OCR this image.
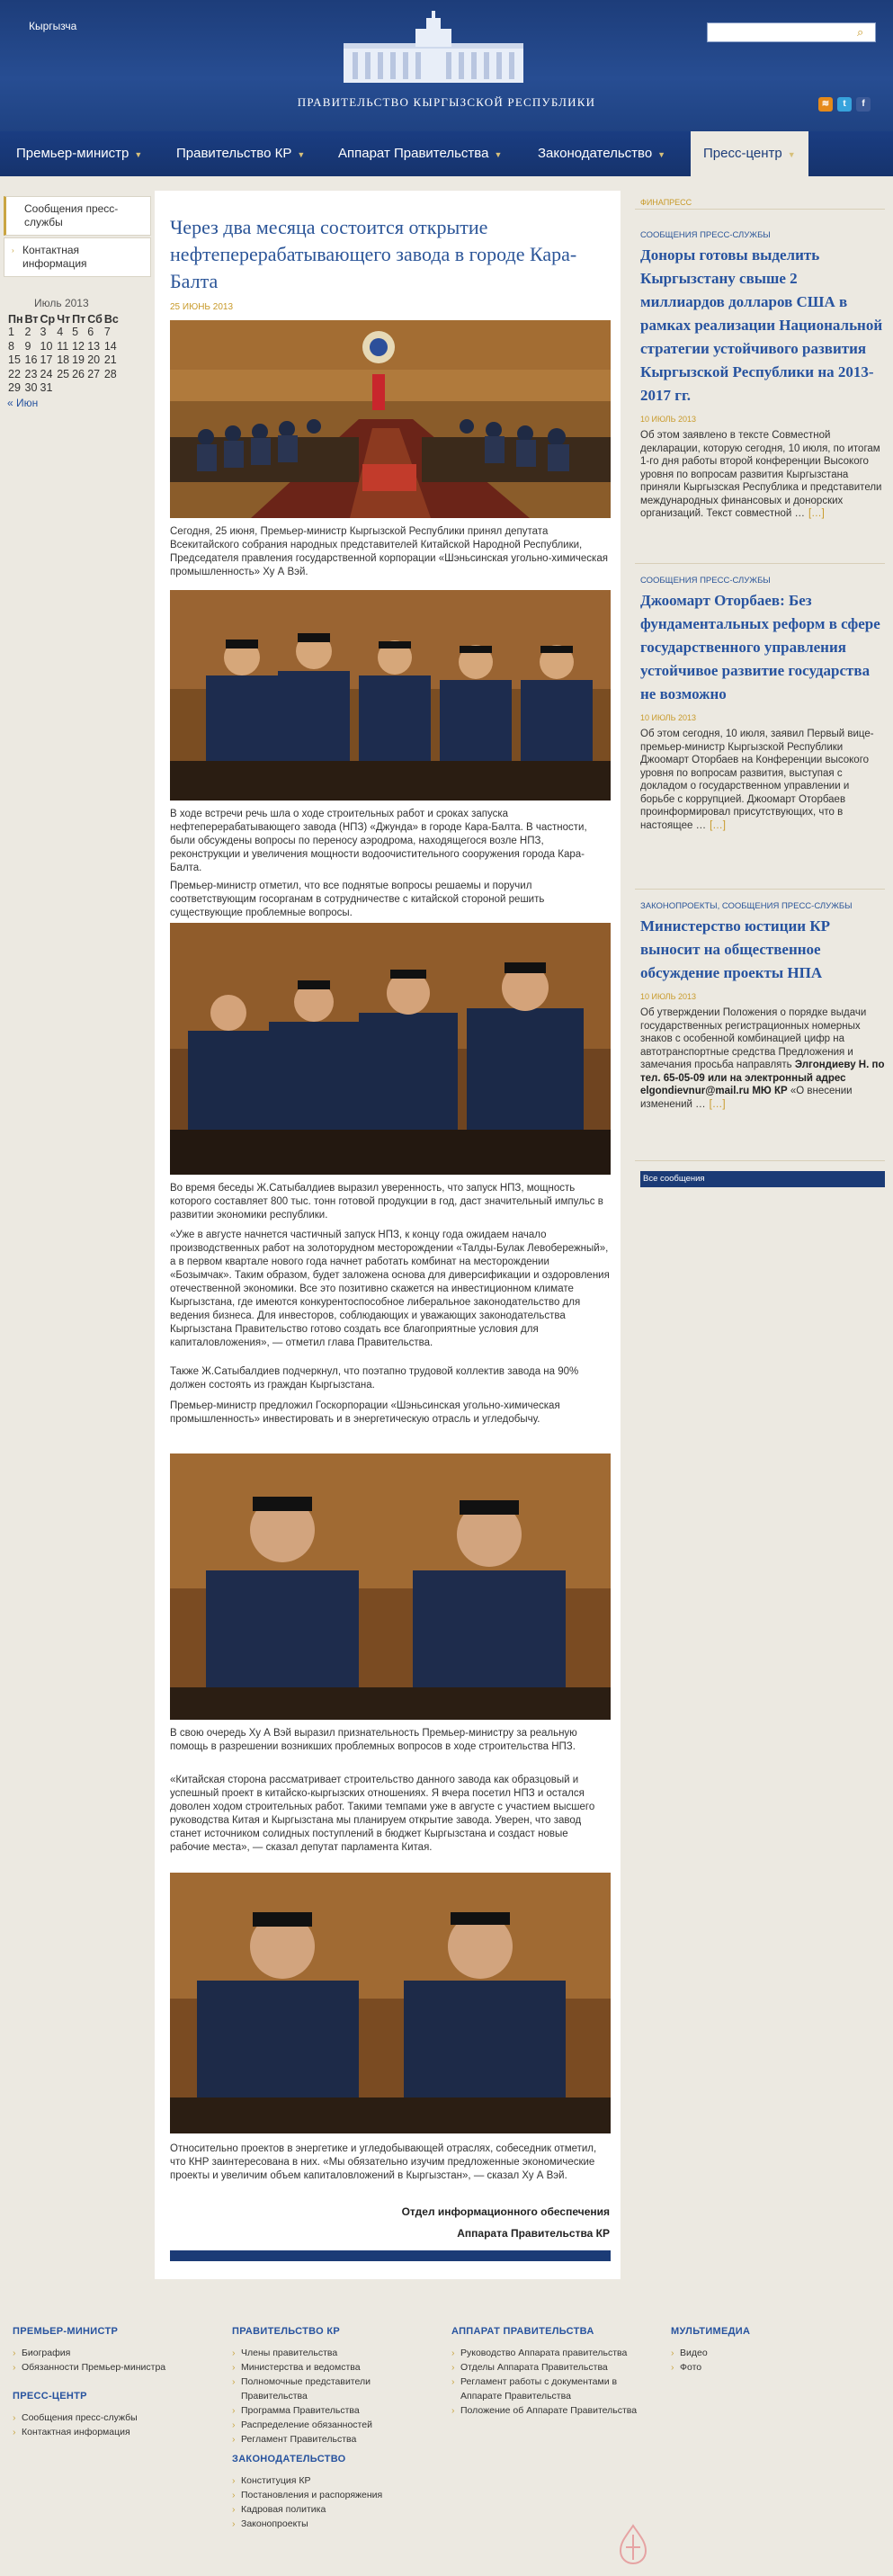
Кыргызча
ПРАВИТЕЛЬСТВО КЫРГЫЗСКОЙ РЕСПУБЛИКИ
⌕
≋	t	f
Премьер-министр ▼	Правительство КР ▼ Аппарат Правительства ▼	Законодательство ▼	Пресс-центр ▼
Сообщения пресс-службы
› Контактная информация
Июль 2013
Пн	Вт	Ср	Чт	Пт	Сб	Вс
1	2	3	4	5	6	7
8	9	10	11	12	13	14
15	16	17	18	19	20	21
22	23	24	25	26	27	28
29	30	31				
« Июн
Через два месяца состоится открытие нефтеперерабатывающего завода в городе Кара-Балта
25 ИЮНЬ 2013
Сегодня, 25 июня, Премьер-министр Кыргызской Республики принял депутата Всекитайского собрания народных представителей Китайской Народной Республики, Председателя правления государственной корпорации «Шэньсинская угольно-химическая промышленность» Ху А Вэй.
В ходе встречи речь шла о ходе строительных работ и сроках запуска нефтеперерабатывающего завода (НПЗ) «Джунда» в городе Кара-Балта. В частности, были обсуждены вопросы по переносу аэродрома, находящегося возле НПЗ, реконструкции и увеличения мощности водоочистительного сооружения города Кара-Балта.
Премьер-министр отметил, что все поднятые вопросы решаемы и поручил соответствующим госорганам в сотрудничестве с китайской стороной решить существующие проблемные вопросы.
Во время беседы Ж.Сатыбалдиев выразил уверенность, что запуск НПЗ, мощность которого составляет 800 тыс. тонн готовой продукции в год, даст значительный импульс в развитии экономики республики.
«Уже в августе начнется частичный запуск НПЗ, к концу года ожидаем начало производственных работ на золоторудном месторождении «Талды-Булак Левобережный», а в первом квартале нового года начнет работать комбинат на месторождении «Бозымчак». Таким образом, будет заложена основа для диверсификации и оздоровления отечественной экономики. Все это позитивно скажется на инвестиционном климате Кыргызстана, где имеются конкурентоспособное либеральное законодательство для ведения бизнеса. Для инвесторов, соблюдающих и уважающих законодательства Кыргызстана Правительство готово создать все благоприятные условия для капиталовложения», — отметил глава Правительства.
Также Ж.Сатыбалдиев подчеркнул, что поэтапно трудовой коллектив завода на 90% должен состоять из граждан Кыргызстана.
Премьер-министр предложил Госкорпорации «Шэньсинская угольно-химическая промышленность» инвестировать и в энергетическую отрасль и угледобычу.
В свою очередь Ху А Вэй выразил признательность Премьер-министру за реальную помощь в разрешении возникших проблемных вопросов в ходе строительства НПЗ.
«Китайская сторона рассматривает строительство данного завода как образцовый и успешный проект в китайско-кыргызских отношениях. Я вчера посетил НПЗ и остался доволен ходом строительных работ. Такими темпами уже в августе с участием высшего руководства Китая и Кыргызстана мы планируем открытие завода. Уверен, что завод станет источником солидных поступлений в бюджет Кыргызстана и создаст новые рабочие места», — сказал депутат парламента Китая.
Относительно проектов в энергетике и угледобывающей отраслях, собеседник отметил, что КНР заинтересована в них. «Мы обязательно изучим предложенные экономические проекты и увеличим объем капиталовложений в Кыргызстан», — сказал Ху А Вэй.
Отдел информационного обеспечения
Аппарата Правительства КР
ФИНАПРЕСС
СООБЩЕНИЯ ПРЕСС-СЛУЖБЫ
Доноры готовы выделить Кыргызстану свыше 2 миллиардов долларов США в рамках реализации Национальной стратегии устойчивого развития Кыргызской Республики на 2013-2017 гг.
10 ИЮЛЬ 2013
Об этом заявлено в тексте Совместной декларации, которую сегодня, 10 июля, по итогам 1-го дня работы второй конференции Высокого уровня по вопросам развития Кыргызстана приняли Кыргызская Республика и представители международных финансовых и донорских организаций. Текст совместной … […]
СООБЩЕНИЯ ПРЕСС-СЛУЖБЫ
Джоомарт Оторбаев: Без фундаментальных реформ в сфере государственного управления устойчивое развитие государства не возможно
10 ИЮЛЬ 2013
Об этом сегодня, 10 июля, заявил Первый вице-премьер-министр Кыргызской Республики Джоомарт Оторбаев на Конференции высокого уровня по вопросам развития, выступая с докладом о государственном управлении и борьбе с коррупцией. Джоомарт Оторбаев проинформировал присутствующих, что в настоящее … […]
ЗАКОНОПРОЕКТЫ, СООБЩЕНИЯ ПРЕСС-СЛУЖБЫ
Министерство юстиции КР выносит на общественное обсуждение проекты НПА
10 ИЮЛЬ 2013
Об утверждении Положения о порядке выдачи государственных регистрационных номерных знаков с особенной комбинацией цифр на автотранспортные средства Предложения и замечания просьба направлять Элгондиеву Н. по тел. 65-05-09 или на электронный адрес elgondievnur@mail.ru МЮ КР «О внесении изменений … […]
Все сообщения
ПРЕМЬЕР-МИНИСТР
› Биография
› Обязанности Премьер-министра
ПРЕСС-ЦЕНТР
› Сообщения пресс-службы
› Контактная информация
ПРАВИТЕЛЬСТВО КР
› Члены правительства
› Министерства и ведомства
› Полномочные представители Правительства
› Программа Правительства
› Распределение обязанностей
› Регламент Правительства
ЗАКОНОДАТЕЛЬСТВО
› Конституция КР
› Постановления и распоряжения
› Кадровая политика
› Законопроекты
АППАРАТ ПРАВИТЕЛЬСТВА
› Руководство Аппарата правительства
› Отделы Аппарата Правительства
› Регламент работы с документами в Аппарате Правительства
› Положение об Аппарате Правительства
МУЛЬТИМЕДИА
› Видео
› Фото
